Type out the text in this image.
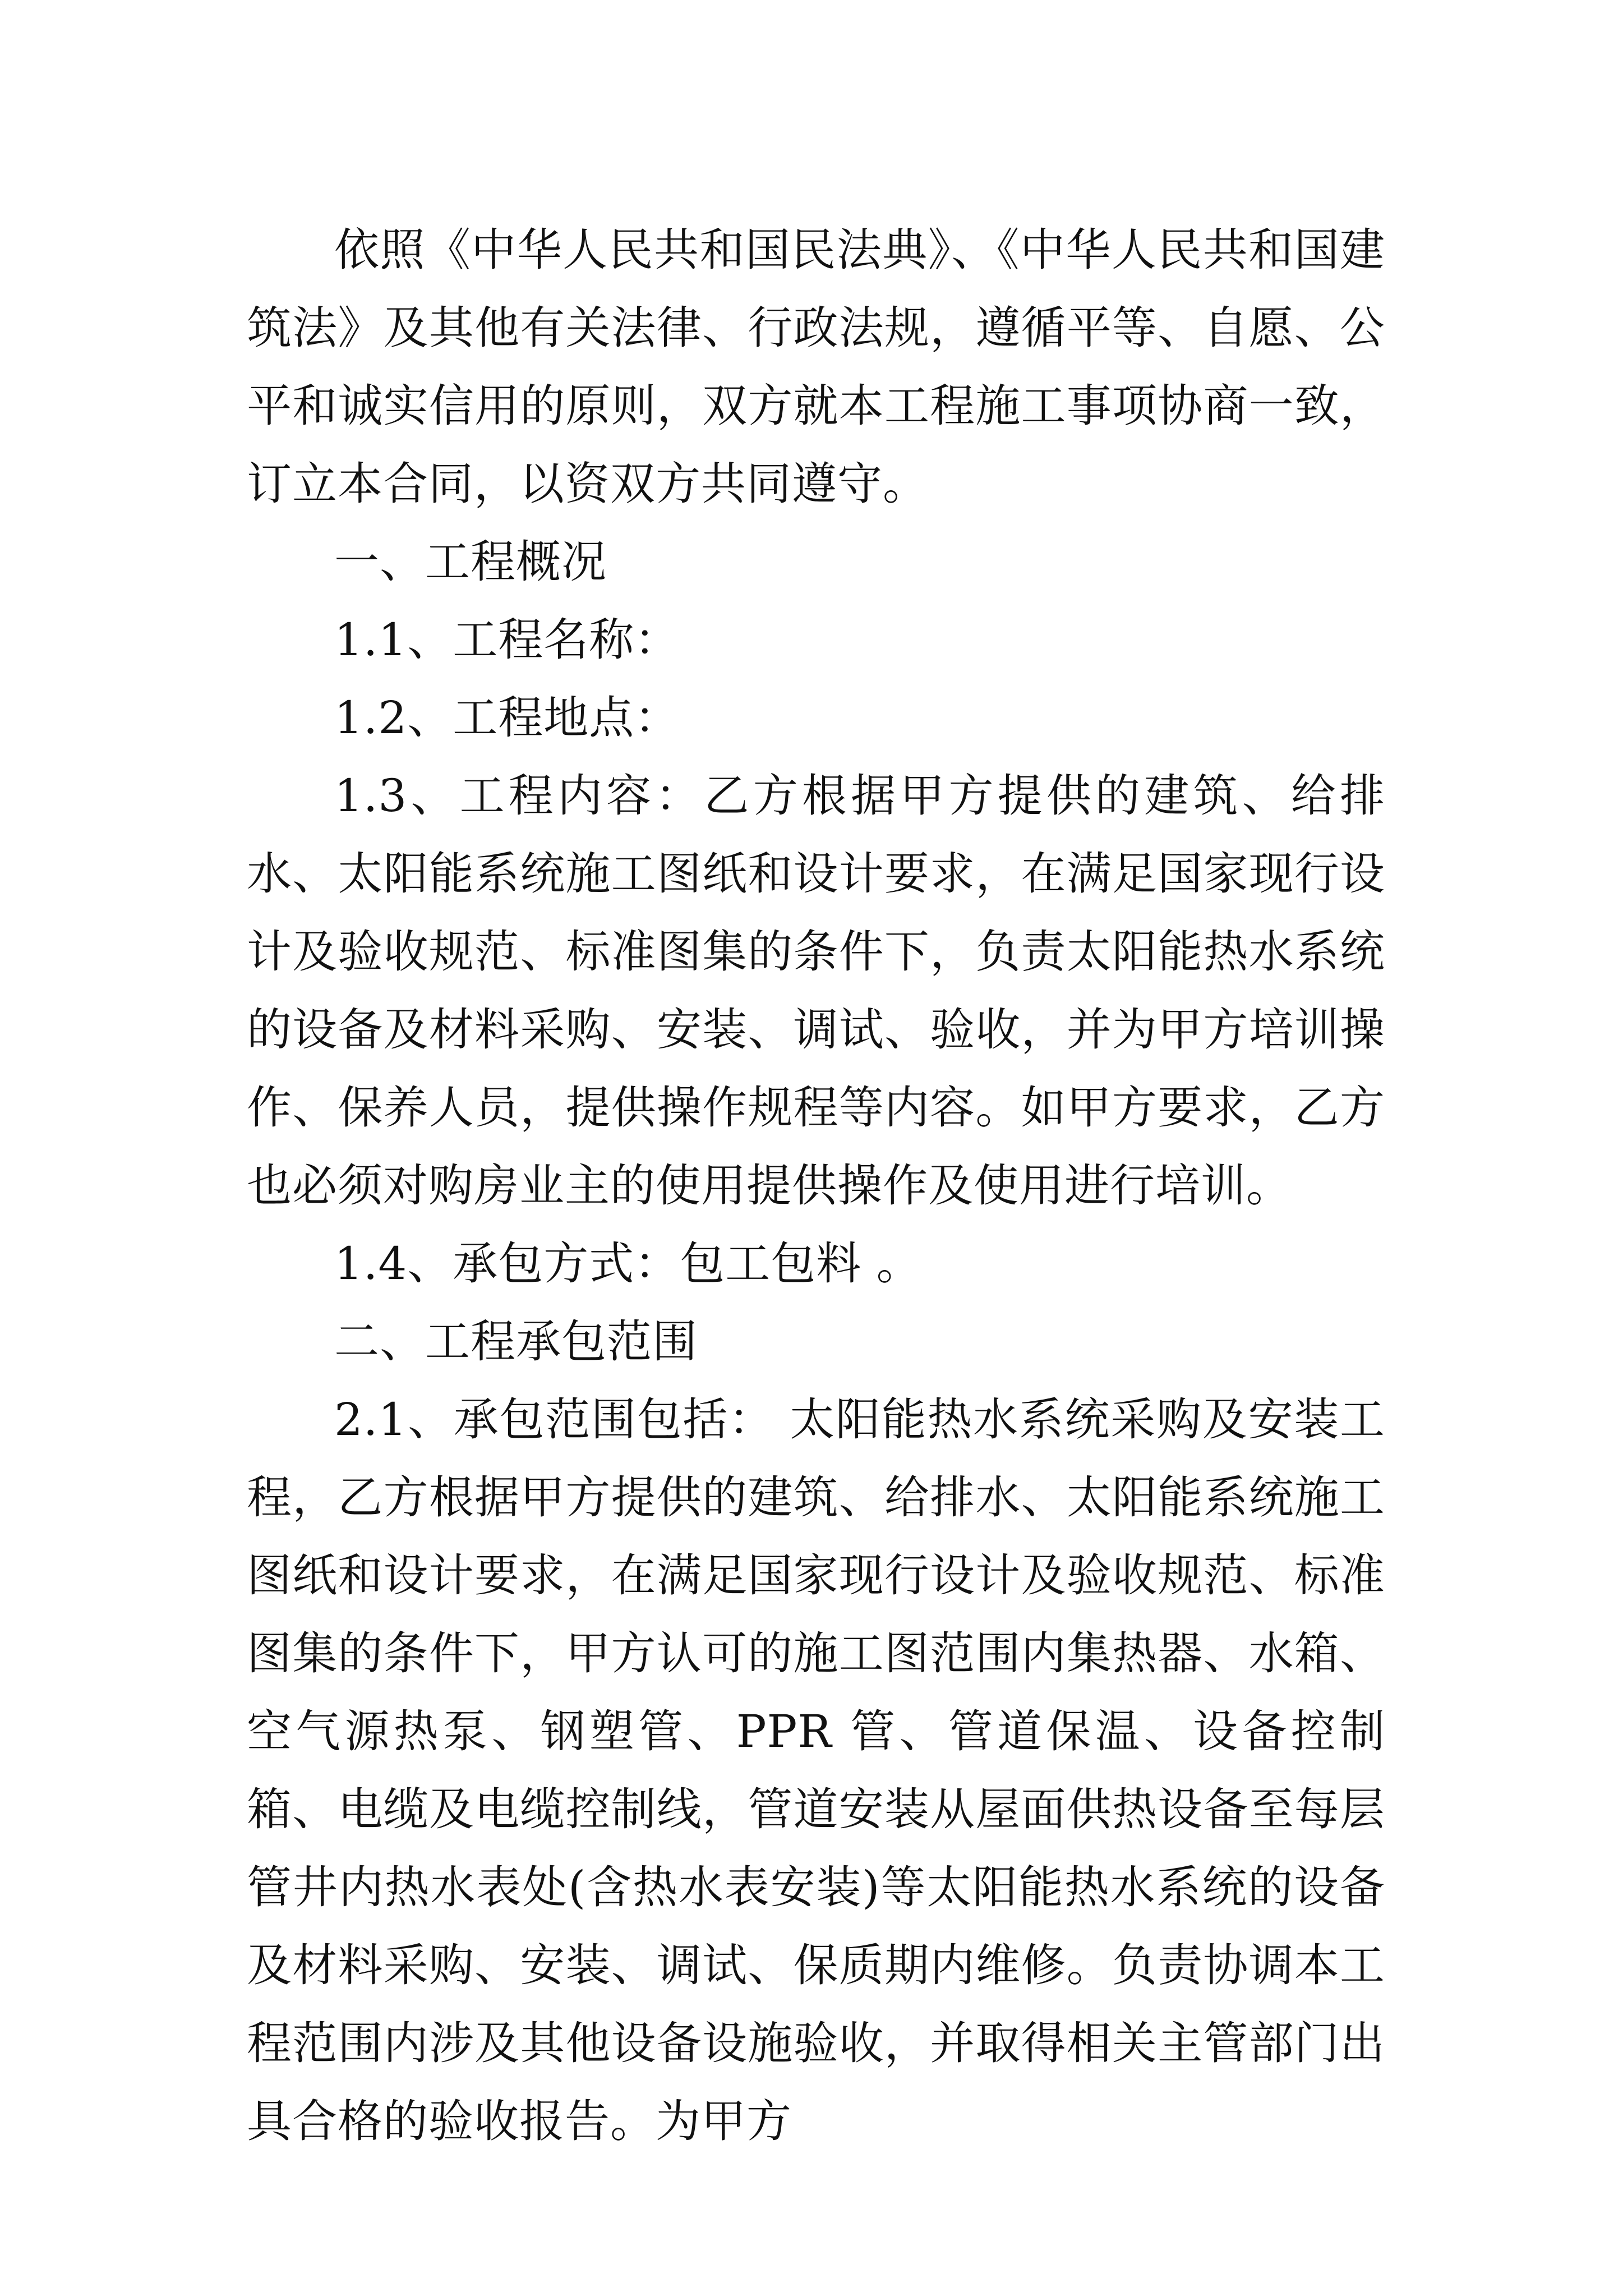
依照《中华人民共和国民法典》、《中华人民共和国建筑法》及其他有关法律、行政法规，遵循平等、自愿、公平和诚实信用的原则，双方就本工程施工事项协商一致，订立本合同，以资双方共同遵守。

一、工程概况

1.1、工程名称：

1.2、工程地点：

1.3、工程内容：乙方根据甲方提供的建筑、给排水、太阳能系统施工图纸和设计要求，在满足国家现行设计及验收规范、标准图集的条件下，负责太阳能热水系统的设备及材料采购、安装、调试、验收，并为甲方培训操作、保养人员，提供操作规程等内容。如甲方要求，乙方也必须对购房业主的使用提供操作及使用进行培训。

1.4、承包方式：包工包料 。

二、工程承包范围

2.1、承包范围包括： 太阳能热水系统采购及安装工程，乙方根据甲方提供的建筑、给排水、太阳能系统施工图纸和设计要求，在满足国家现行设计及验收规范、标准图集的条件下，甲方认可的施工图范围内集热器、水箱、空气源热泵、钢塑管、PPR 管、管道保温、设备控制箱、电缆及电缆控制线，管道安装从屋面供热设备至每层管井内热水表处(含热水表安装)等太阳能热水系统的设备及材料采购、安装、调试、保质期内维修。负责协调本工程范围内涉及其他设备设施验收，并取得相关主管部门出具合格的验收报告。为甲方
